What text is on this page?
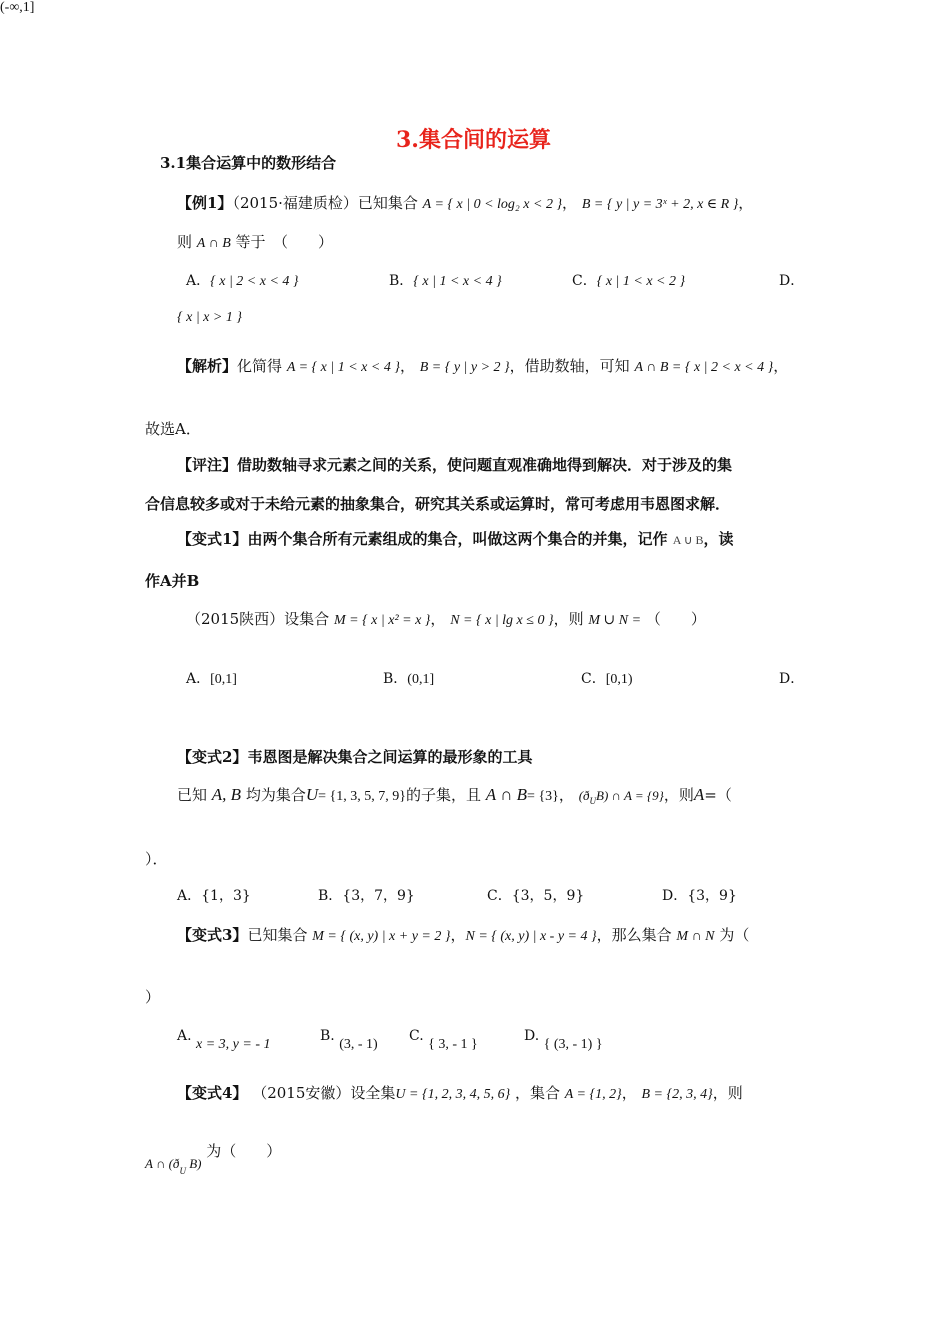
3.集合间的运算
3.1集合运算中的数形结合
【例1】（2015·福建质检）已知集合 A = { x | 0 < log₂ x < 2 }， B = { y | y = 3ˣ + 2, x ∈ R }，
则 A ∩ B 等于　（　　）
A．{ x | 2 < x < 4 }	B．{ x | 1 < x < 4 }	C．{ x | 1 < x < 2 }	D．
{ x | x > 1 }
【解析】化简得 A = { x | 1 < x < 4 }， B = { y | y > 2 }，借助数轴，可知 A ∩ B = { x | 2 < x < 4 }，
故选A．
【评注】借助数轴寻求元素之间的关系，使问题直观准确地得到解决．对于涉及的集
合信息较多或对于未给元素的抽象集合，研究其关系或运算时，常可考虑用韦恩图求解．
【变式1】由两个集合所有元素组成的集合，叫做这两个集合的并集，记作 A ∪ B，读
作A并B
（2015陕西）设集合 M = { x | x² = x }， N = { x | lg x ≤ 0 }，则 M ∪ N = （　　）
A．[0,1]	B．(0,1]	C．[0,1)	D．
(-∞,1]
【变式2】韦恩图是解决集合之间运算的最形象的工具
已知 A, B 均为集合U= {1, 3, 5, 7, 9}的子集，且 A ∩ B= {3}， $(ð_UB)$ ∩ A = {9}，则A=（
）．
A．{1，3}	B．{3，7，9}	C．{3，5，9}	D．{3，9}
【变式3】已知集合 M = { (x, y) | x + y = 2 }，N = { (x, y) | x - y = 4 }，那么集合 M ∩ N 为（
）
A. x = 3, y = - 1
B. (3, - 1)
C. { 3, - 1 }
D. { (3, - 1) }
【变式4】 （2015安徽）设全集U = {1, 2, 3, 4, 5, 6} ，集合 A = {1, 2}， B = {2, 3, 4}，则
A ∩ ($ð_U$ B) 为（　　）
